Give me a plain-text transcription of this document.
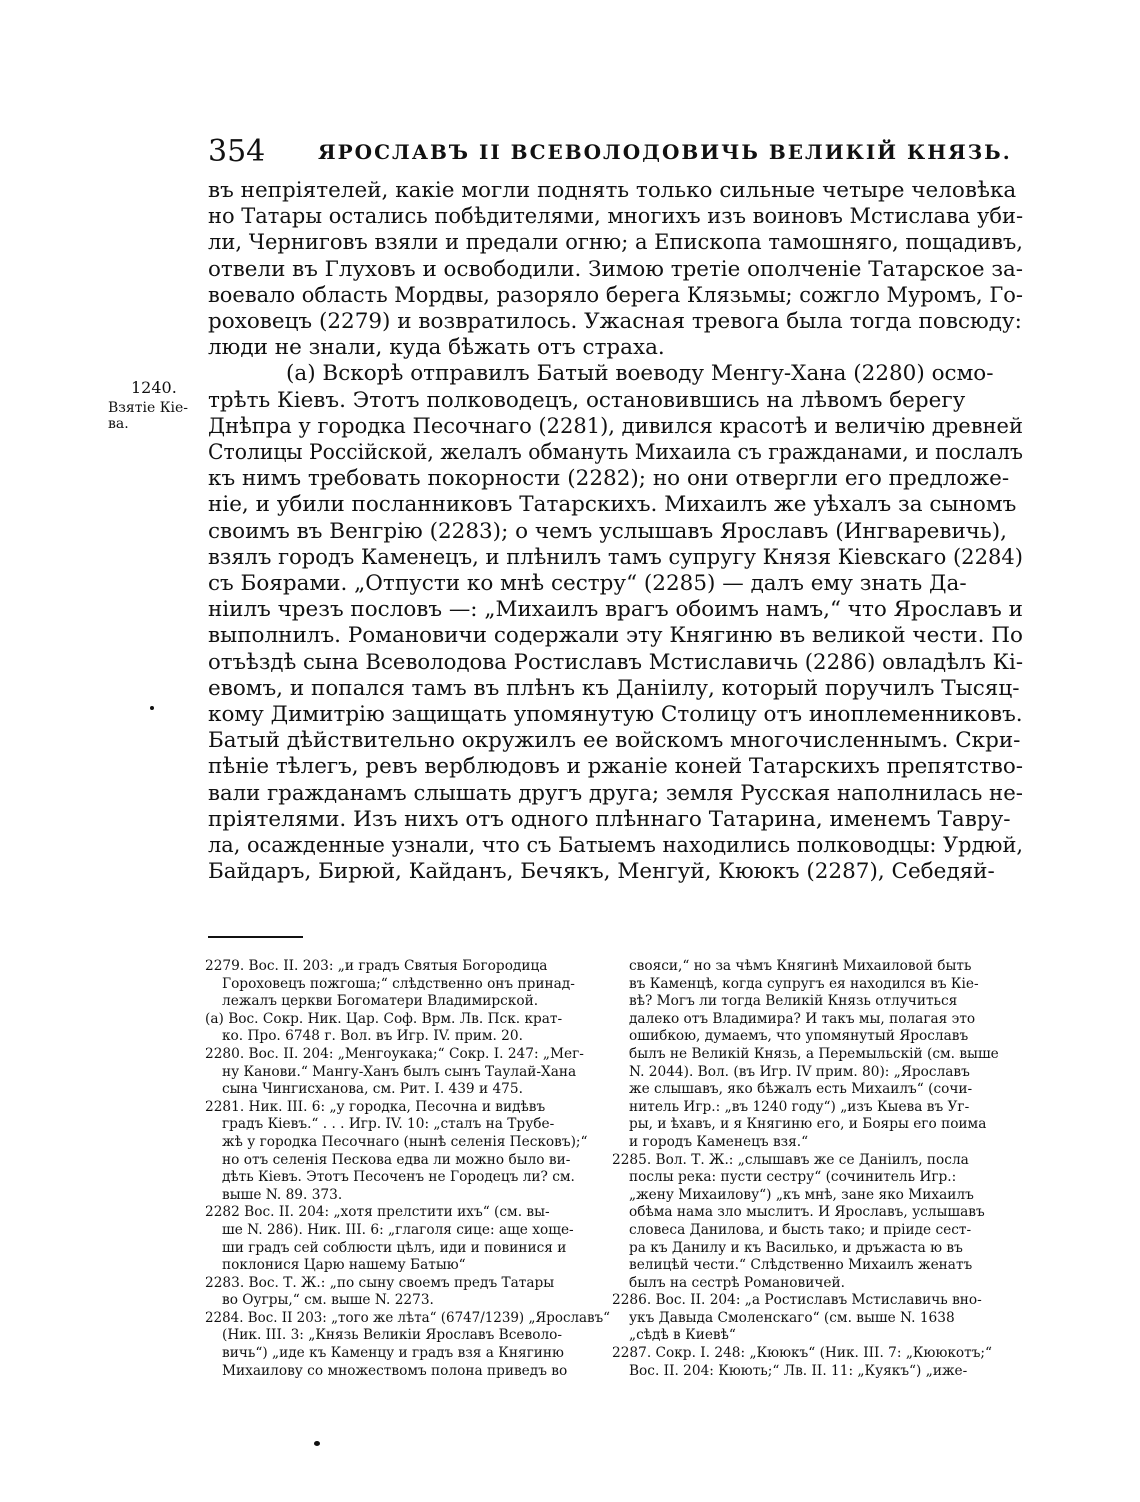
354	ЯРОСЛАВЪ II ВСЕВОЛОДОВИЧЬ ВЕЛИКІЙ КНЯЗЬ.
1240.
Взятіе Кіе-
ва.
въ непріятелей, какіе могли поднять только сильные четыре человѣка
но Татары остались побѣдителями, многихъ изъ воиновъ Мстислава уби-
ли, Черниговъ взяли и предали огню; а Епископа тамошняго, пощадивъ,
отвели въ Глуховъ и освободили. Зимою третіе ополченіе Татарское за-
воевало область Мордвы, разоряло берега Клязьмы; сожгло Муромъ, Го-
роховецъ (2279) и возвратилось. Ужасная тревога была тогда повсюду:
люди не знали, куда бѣжать отъ страха.
(а) Вскорѣ отправилъ Батый воеводу Менгу-Хана (2280) осмо-
трѣть Кіевъ. Этотъ полководецъ, остановившись на лѣвомъ берегу
Днѣпра у городка Песочнаго (2281), дивился красотѣ и величію древней
Столицы Россійской, желалъ обмануть Михаила съ гражданами, и послалъ
къ нимъ требовать покорности (2282); но они отвергли его предложе-
ніе, и убили посланниковъ Татарскихъ. Михаилъ же уѣхалъ за сыномъ
своимъ въ Венгрію (2283); о чемъ услышавъ Ярославъ (Ингваревичь),
взялъ городъ Каменецъ, и плѣнилъ тамъ супругу Князя Кіевскаго (2284)
съ Боярами. „Отпусти ко мнѣ сестру“ (2285) — далъ ему знать Да-
ніилъ чрезъ пословъ —: „Михаилъ врагъ обоимъ намъ,“ что Ярославъ и
выполнилъ. Романовичи содержали эту Княгиню въ великой чести. По
отъѣздѣ сына Всеволодова Ростиславъ Мстиславичь (2286) овладѣлъ Кі-
евомъ, и попался тамъ въ плѣнъ къ Даніилу, который поручилъ Тысяц-
кому Димитрію защищать упомянутую Столицу отъ иноплеменниковъ.
Батый дѣйствительно окружилъ ее войскомъ многочисленнымъ. Скри-
пѣніе тѣлегъ, ревъ верблюдовъ и ржаніе коней Татарскихъ препятство-
вали гражданамъ слышать другъ друга; земля Русская наполнилась не-
пріятелями. Изъ нихъ отъ одного плѣннаго Татарина, именемъ Тавру-
ла, осажденные узнали, что съ Батыемъ находились полководцы: Урдюй,
Байдаръ, Бирюй, Кайданъ, Бечякъ, Менгуй, Кююкъ (2287), Себедяй-
2279. Вос. II. 203: „и градъ Святыя Богородица
Гороховецъ пожгоша;“ слѣдственно онъ принад-
лежалъ церкви Богоматери Владимирской.
(а) Вос. Сокр. Ник. Цар. Соф. Врм. Лв. Пск. крат-
ко. Про. 6748 г. Вол. въ Игр. IV. прим. 20.
2280. Вос. II. 204: „Менгоукака;“ Сокр. I. 247: „Мег-
ну Канови.“ Мангу-Ханъ былъ сынъ Таулай-Хана
сына Чингисханова, см. Рит. I. 439 и 475.
2281. Ник. III. 6: „у городка, Песочна и видѣвъ
градъ Кіевъ.“ . . . Игр. IV. 10: „сталъ на Трубе-
жѣ у городка Песочнаго (нынѣ селенія Песковъ);“
но отъ селенія Пескова едва ли можно было ви-
дѣть Кіевъ. Этотъ Песоченъ не Городецъ ли? см.
выше N. 89. 373.
2282 Вос. II. 204: „хотя прелстити ихъ“ (см. вы-
ше N. 286). Ник. III. 6: „глаголя сице: аще хоще-
ши градъ сей соблюсти цѣлъ, иди и повинися и
поклонися Царю нашему Батыю“
2283. Вос. Т. Ж.: „по сыну своемъ предъ Татары
во Оугры,“ см. выше N. 2273.
2284. Вос. II 203: „того же лѣта“ (6747/1239) „Ярославъ“
(Ник. III. 3: „Князь Великіи Ярославъ Всеволо-
вичь“) „иде къ Каменцу и градъ взя а Княгиню
Михаилову со множествомъ полона приведъ во
свояси,“ но за чѣмъ Княгинѣ Михаиловой быть
въ Каменцѣ, когда супругъ ея находился въ Кіе-
вѣ? Могъ ли тогда Великій Князь отлучиться
далеко отъ Владимира? И такъ мы, полагая это
ошибкою, думаемъ, что упомянутый Ярославъ
былъ не Великій Князь, а Перемыльскій (см. выше
N. 2044). Вол. (въ Игр. IV прим. 80): „Ярославъ
же слышавъ, яко бѣжалъ есть Михаилъ“ (сочи-
нитель Игр.: „въ 1240 году“) „изъ Кыева въ Уг-
ры, и ѣхавъ, и я Княгиню его, и Бояры его поима
и городъ Каменецъ взя.“
2285. Вол. Т. Ж.: „слышавъ же се Даніилъ, посла
послы река: пусти сестру“ (сочинитель Игр.:
„жену Михаилову“) „къ мнѣ, зане яко Михаилъ
обѣма нама зло мыслитъ. И Ярославъ, услышавъ
словеса Данилова, и бысть тако; и пріиде сест-
ра къ Данилу и къ Василько, и дръжаста ю въ
велицѣй чести.“ Слѣдственно Михаилъ женатъ
былъ на сестрѣ Романовичей.
2286. Вос. II. 204: „а Ростиславъ Мстиславичь вно-
укъ Давыда Смоленскаго“ (см. выше N. 1638
„сѣдѣ в Киевѣ“
2287. Сокр. I. 248: „Кююкъ“ (Ник. III. 7: „Кююкотъ;“
Вос. II. 204: Кюють;“ Лв. II. 11: „Куякъ“) „иже-
